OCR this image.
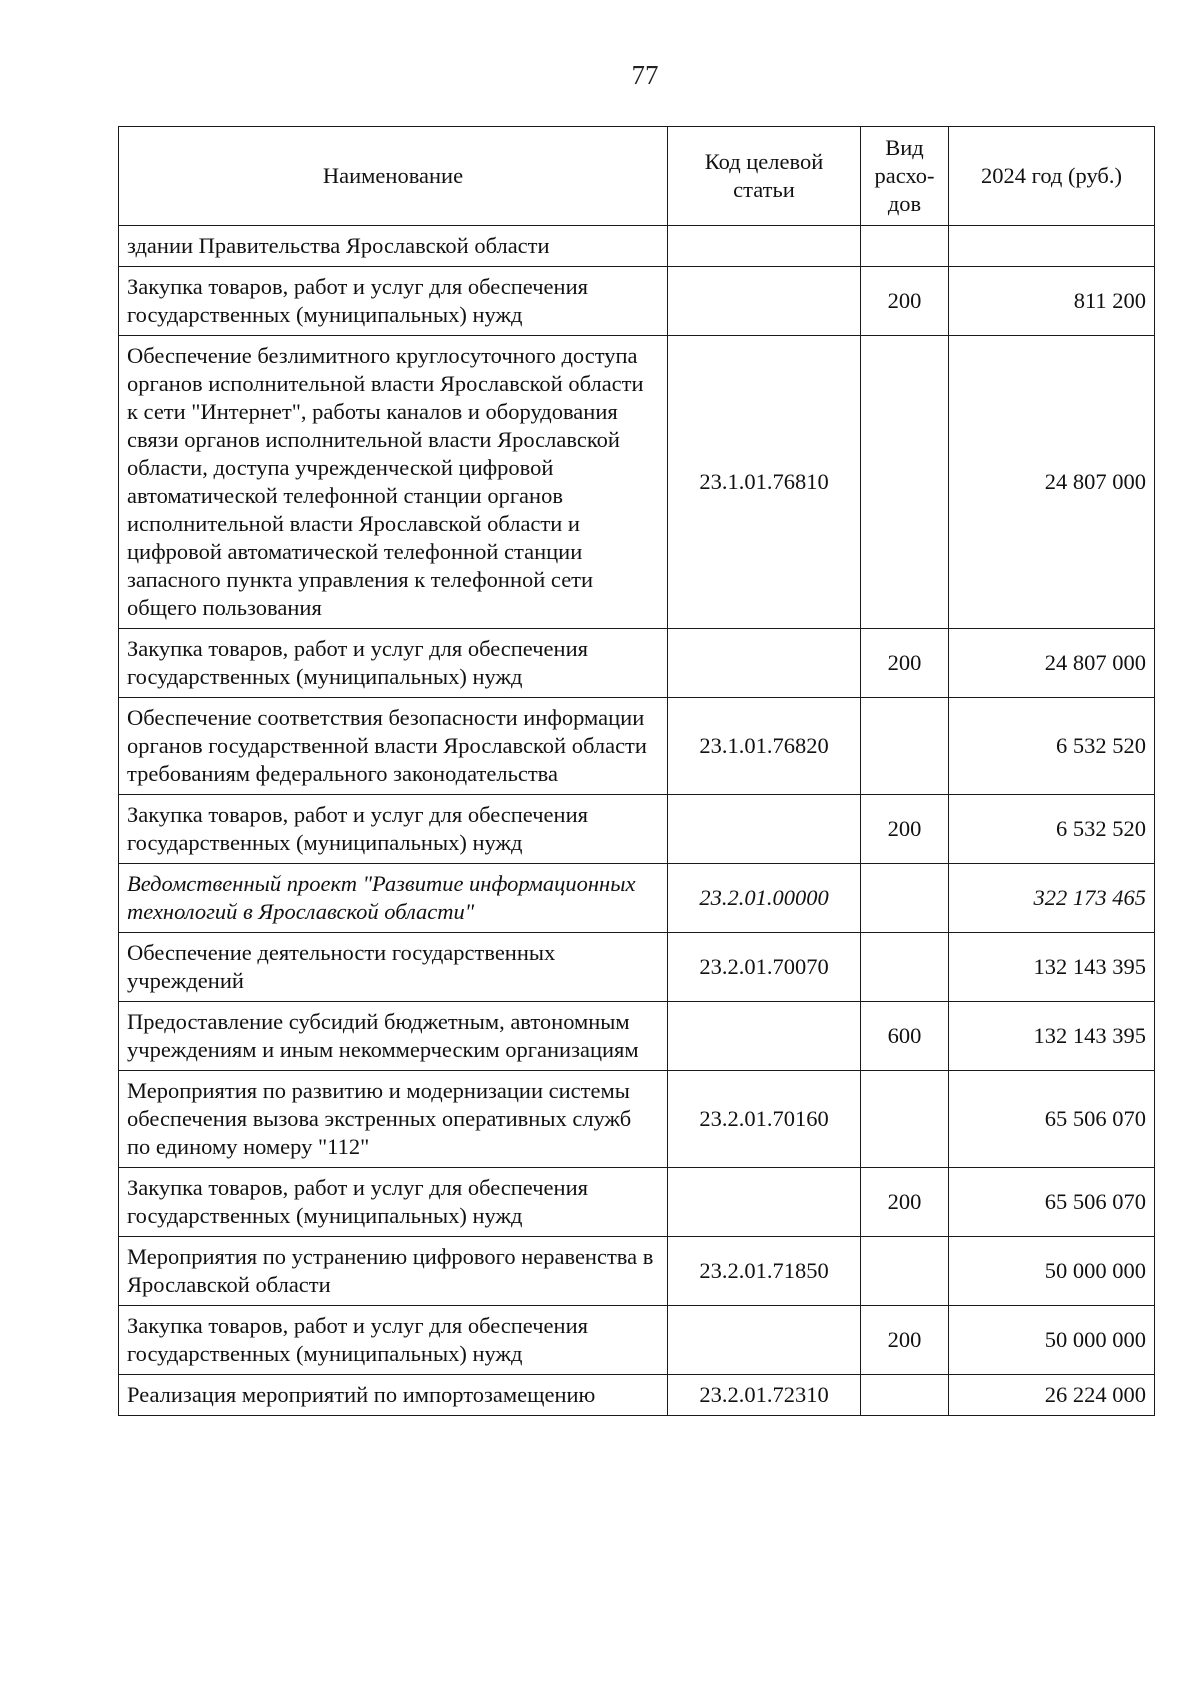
77
Наименование	Код целевой статьи	Вид расхо-дов	2024 год (руб.)
здании Правительства Ярославской области			
Закупка товаров, работ и услуг для обеспечения государственных (муниципальных) нужд		200	811 200
Обеспечение безлимитного круглосуточного доступа органов исполнительной власти Ярославской области к сети "Интернет", работы каналов и оборудования связи органов исполнительной власти Ярославской области, доступа учрежденческой цифровой автоматической телефонной станции органов исполнительной власти Ярославской области и цифровой автоматической телефонной станции запасного пункта управления к телефонной сети общего пользования	23.1.01.76810		24 807 000
Закупка товаров, работ и услуг для обеспечения государственных (муниципальных) нужд		200	24 807 000
Обеспечение соответствия безопасности информации органов государственной власти Ярославской области требованиям федерального законодательства	23.1.01.76820		6 532 520
Закупка товаров, работ и услуг для обеспечения государственных (муниципальных) нужд		200	6 532 520
Ведомственный проект "Развитие информационных технологий в Ярославской области"	23.2.01.00000		322 173 465
Обеспечение деятельности государственных учреждений	23.2.01.70070		132 143 395
Предоставление субсидий бюджетным, автономным учреждениям и иным некоммерческим организациям		600	132 143 395
Мероприятия по развитию и модернизации системы обеспечения вызова экстренных оперативных служб по единому номеру "112"	23.2.01.70160		65 506 070
Закупка товаров, работ и услуг для обеспечения государственных (муниципальных) нужд		200	65 506 070
Мероприятия по устранению цифрового неравенства в Ярославской области	23.2.01.71850		50 000 000
Закупка товаров, работ и услуг для обеспечения государственных (муниципальных) нужд		200	50 000 000
Реализация мероприятий по импортозамещению	23.2.01.72310		26 224 000
